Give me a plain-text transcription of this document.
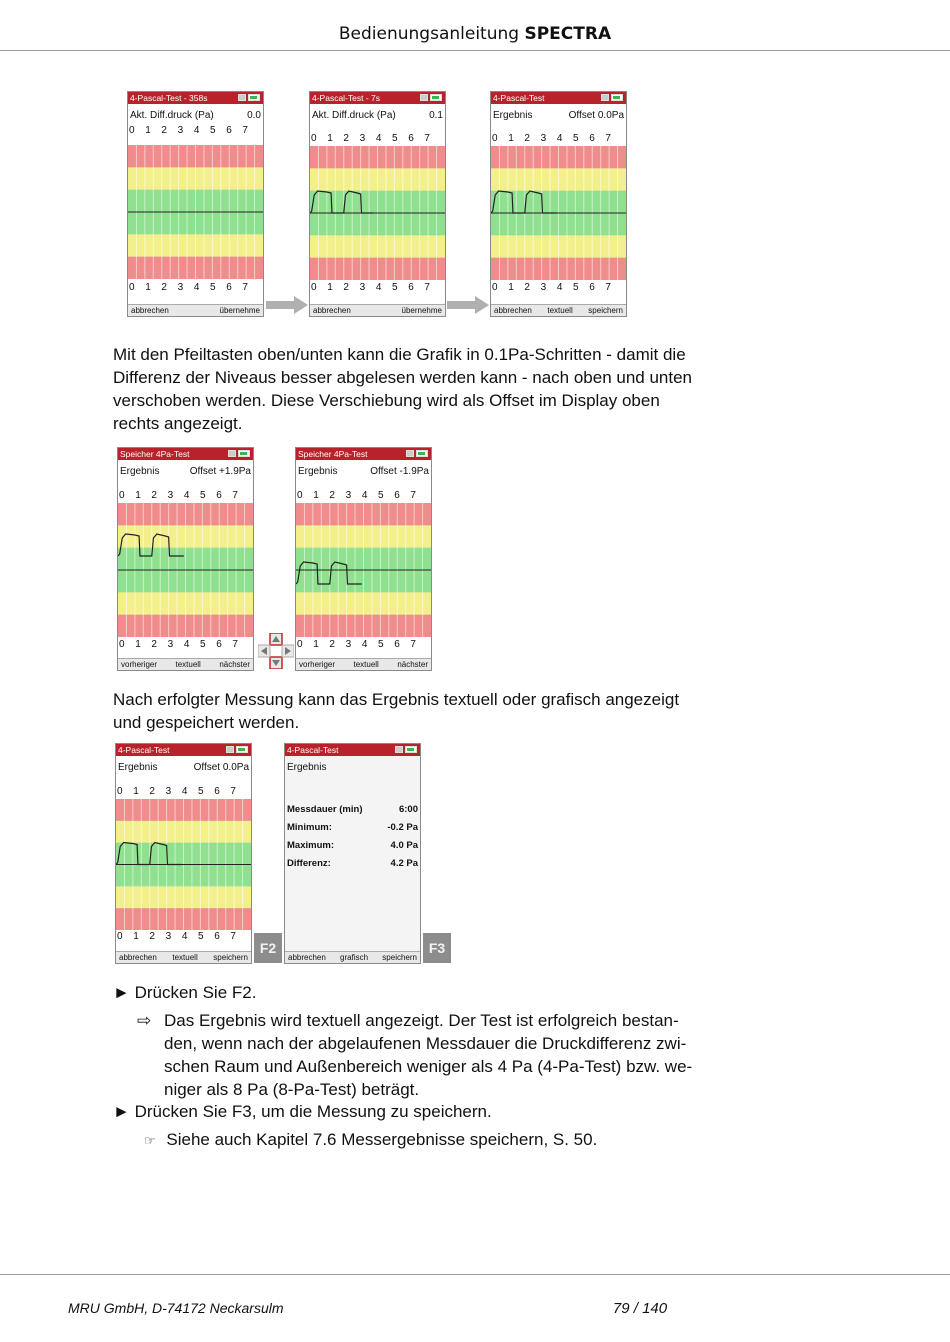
Bedienungsanleitung SPECTRA
4-Pascal-Test - 358s
Akt. Diff.druck (Pa)	0.0
0 1 2 3 4 5 6 7
0 1 2 3 4 5 6 7
abbrechen	übernehme
4-Pascal-Test - 7s
Akt. Diff.druck (Pa)	0.1
0 1 2 3 4 5 6 7
0 1 2 3 4 5 6 7
abbrechen	übernehme
4-Pascal-Test
Ergebnis	Offset 0.0Pa
0 1 2 3 4 5 6 7
0 1 2 3 4 5 6 7
abbrechen textuell speichern
Mit den Pfeiltasten oben/unten kann die Grafik in 0.1Pa-Schritten - damit die
Differenz der Niveaus besser abgelesen werden kann - nach oben und unten
verschoben werden. Diese Verschiebung wird als Offset im Display oben
rechts angezeigt.
Speicher 4Pa-Test
Ergebnis	Offset +1.9Pa
0 1 2 3 4 5 6 7
0 1 2 3 4 5 6 7
vorheriger textuell nächster
Speicher 4Pa-Test
Ergebnis	Offset -1.9Pa
0 1 2 3 4 5 6 7
0 1 2 3 4 5 6 7
vorheriger textuell nächster
Nach erfolgter Messung kann das Ergebnis textuell oder grafisch angezeigt
und gespeichert werden.
4-Pascal-Test
Ergebnis	Offset 0.0Pa
0 1 2 3 4 5 6 7
0 1 2 3 4 5 6 7
abbrechen textuell speichern
F2
4-Pascal-Test
Ergebnis
Messdauer (min)	6:00
Minimum:	-0.2 Pa
Maximum:	4.0 Pa
Differenz:	4.2 Pa
abbrechen grafisch speichern
F3
► Drücken Sie F2.
⇨ Das Ergebnis wird textuell angezeigt. Der Test ist erfolgreich bestan-
den, wenn nach der abgelaufenen Messdauer die Druckdifferenz zwi-
schen Raum und Außenbereich weniger als 4 Pa (4-Pa-Test) bzw. we-
niger als 8 Pa (8-Pa-Test) beträgt.
► Drücken Sie F3, um die Messung zu speichern.
☞ Siehe auch Kapitel 7.6 Messergebnisse speichern, S. 50.
MRU GmbH, D-74172 Neckarsulm	79 / 140
